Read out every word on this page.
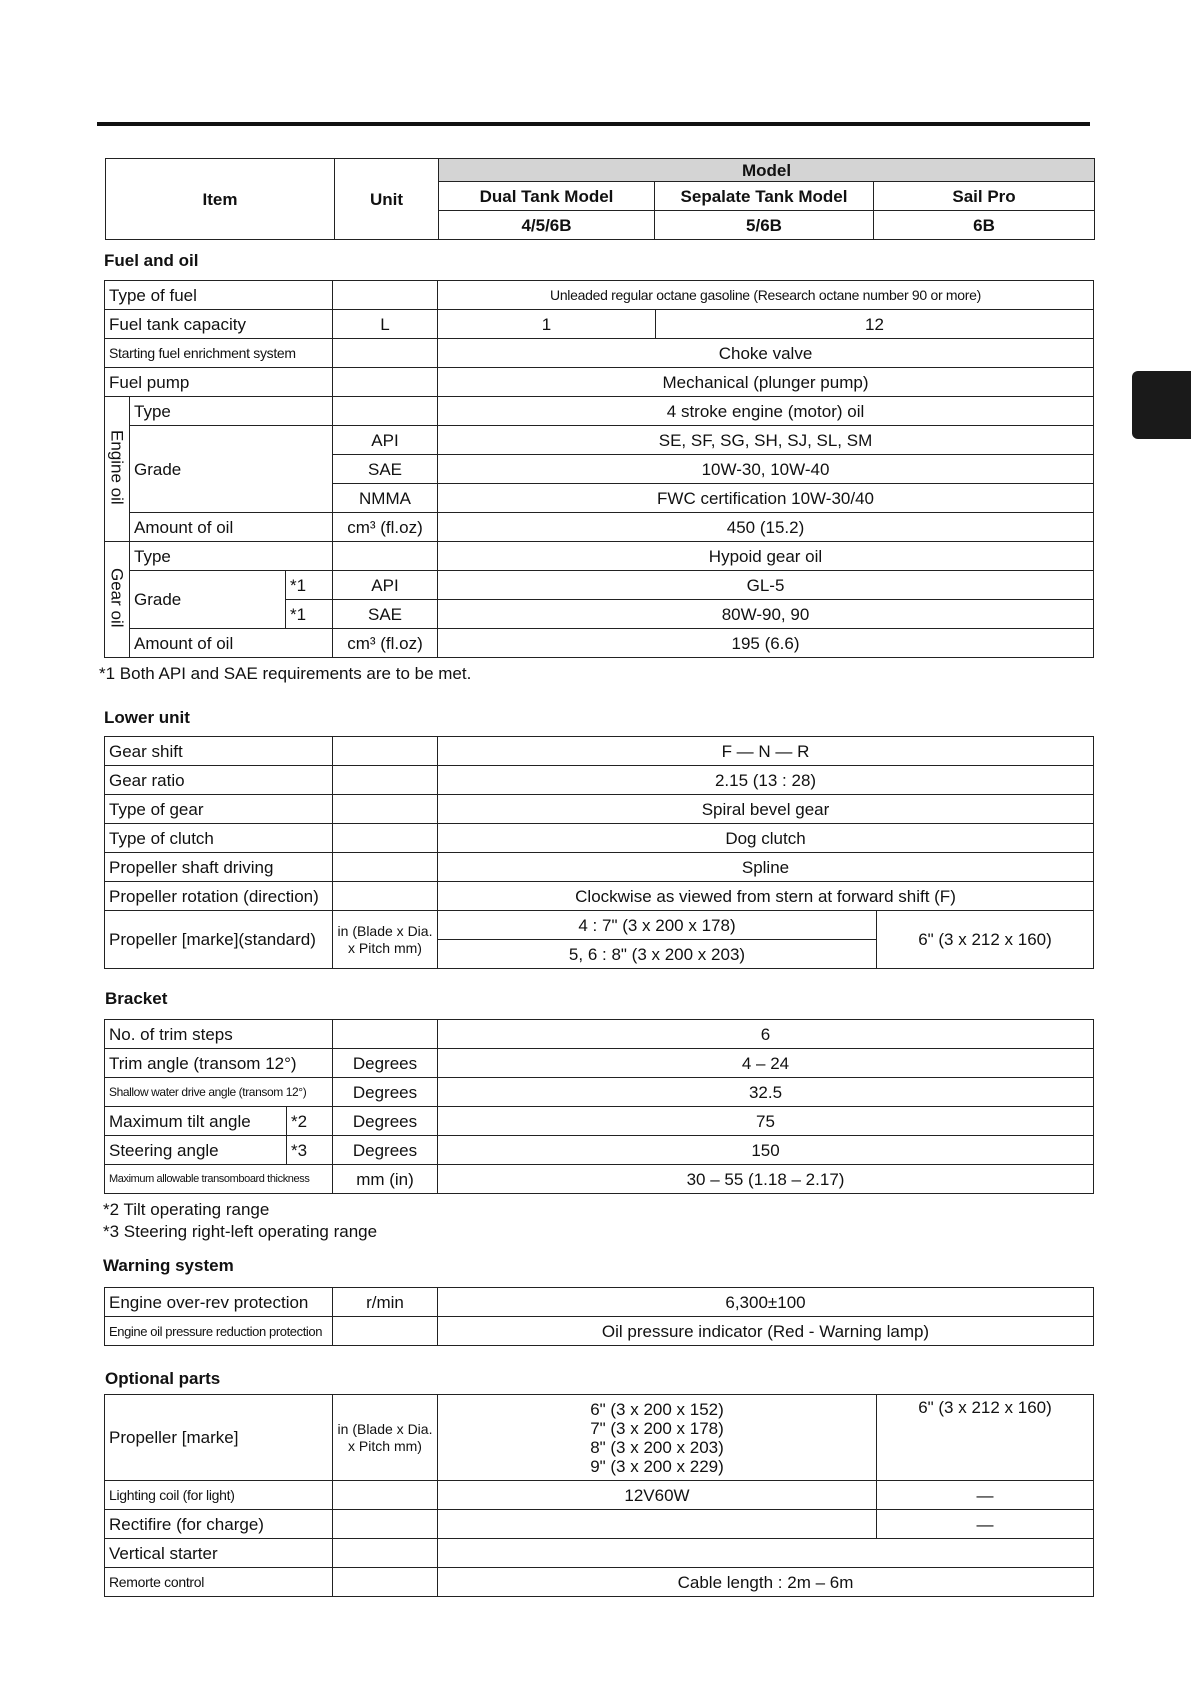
Item	Unit	Model		
		Dual Tank Model	Sepalate Tank Model	Sail Pro
		4/5/6B	5/6B	6B
Fuel and oil
Type of fuel				Unleaded regular octane gasoline (Research octane number 90 or more)	
Fuel tank capacity			L	1	12
Starting fuel enrichment system				Choke valve	
Fuel pump				Mechanical (plunger pump)	
Engine oil	Type			4 stroke engine (motor) oil	
	Grade		API	SE, SF, SG, SH, SJ, SL, SM	
			SAE	10W-30, 10W-40	
			NMMA	FWC certification 10W-30/40	
	Amount of oil		cm³ (fl.oz)	450 (15.2)	
Gear oil	Type			Hypoid gear oil	
	Grade	*1	API	GL-5	
		*1	SAE	80W-90, 90	
	Amount of oil		cm³ (fl.oz)	195 (6.6)	
*1 Both API and SAE requirements are to be met.
Lower unit
Gear shift		F — N — R	
Gear ratio		2.15 (13 : 28)	
Type of gear		Spiral bevel gear	
Type of clutch		Dog clutch	
Propeller shaft driving		Spline	
Propeller rotation (direction)		Clockwise as viewed from stern at forward shift (F)	
Propeller [marke](standard)	in (Blade x Dia. x Pitch mm)	4 : 7" (3 x 200 x 178)	6" (3 x 212 x 160)
		5, 6 : 8" (3 x 200 x 203)	
Bracket
No. of trim steps			6
Trim angle (transom 12°)		Degrees	4 – 24
Shallow water drive angle (transom 12°)		Degrees	32.5
Maximum tilt angle	*2	Degrees	75
Steering angle	*3	Degrees	150
Maximum allowable transomboard thickness		mm (in)	30 – 55 (1.18 – 2.17)
*2 Tilt operating range
*3 Steering right-left operating range
Warning system
Engine over-rev protection	r/min	6,300±100
Engine oil pressure reduction protection		Oil pressure indicator (Red - Warning lamp)
Optional parts
Propeller [marke]	in (Blade x Dia. x Pitch mm)	6" (3 x 200 x 152)
7" (3 x 200 x 178)
8" (3 x 200 x 203)
9" (3 x 200 x 229)	6" (3 x 212 x 160)
Lighting coil (for light)		12V60W	—
Rectifire (for charge)			—
Vertical starter			
Remorte control		Cable length : 2m – 6m	
